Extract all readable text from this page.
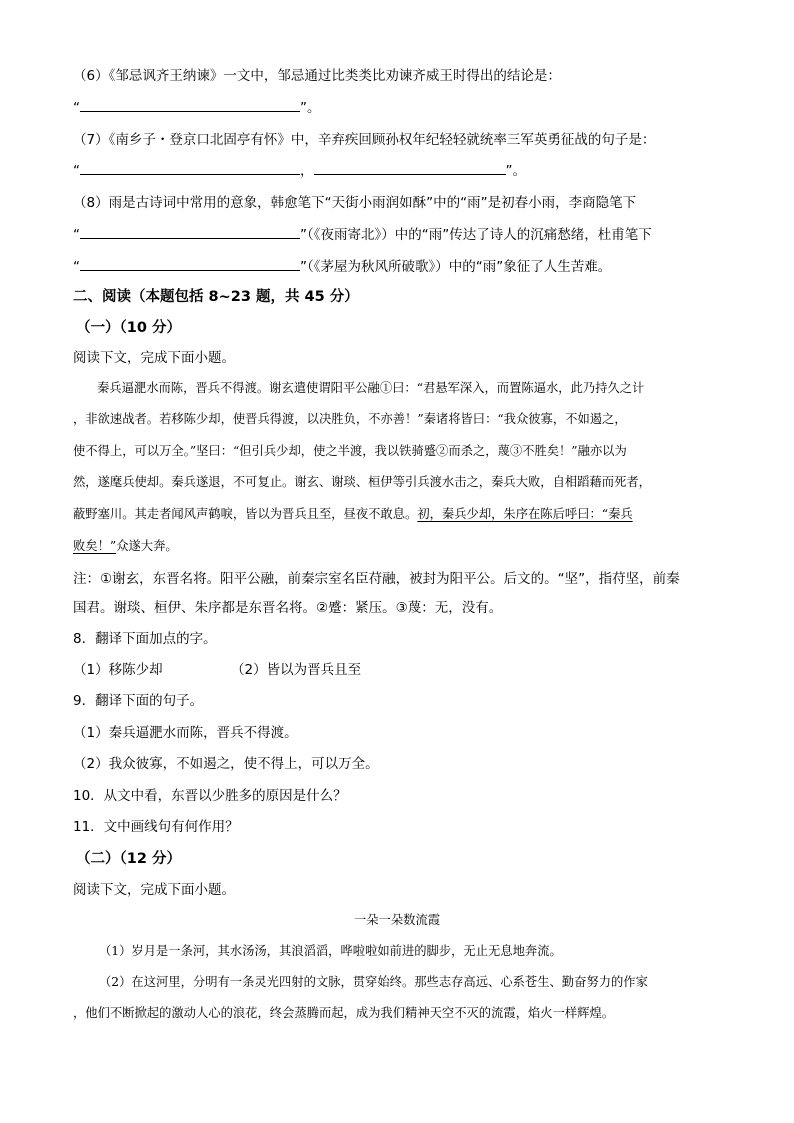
（6）《邹忌讽齐王纳谏》一文中，邹忌通过比类类比劝谏齐威王时得出的结论是：
“	”。
（7）《南乡子・登京口北固亭有怀》中，辛弃疾回顾孙权年纪轻轻就统率三军英勇征战的句子是：
“	，	”。
（8）雨是古诗词中常用的意象，韩愈笔下“天街小雨润如酥”中的“雨”是初春小雨，李商隐笔下
“	”（《夜雨寄北》）中的“雨”传达了诗人的沉痛愁绪，杜甫笔下
“	”（《茅屋为秋风所破歌》）中的“雨”象征了人生苦难。
二、阅读（本题包括 8~23 题，共 45 分）
（一）（10 分）
阅读下文，完成下面小题。
秦兵逼淝水而陈，晋兵不得渡。谢玄遣使谓阳平公融①曰：“君悬军深入，而置陈逼水，此乃持久之计
，非欲速战者。若移陈少却，使晋兵得渡，以决胜负，不亦善！”秦诸将皆曰：“我众彼寡，不如遏之，
使不得上，可以万全。”坚曰：“但引兵少却，使之半渡，我以铁骑蹙②而杀之，蔑③不胜矣！”融亦以为
然，遂麾兵使却。秦兵遂退，不可复止。谢玄、谢琰、桓伊等引兵渡水击之，秦兵大败，自相蹈藉而死者，
蔽野塞川。其走者闻风声鹤唳，皆以为晋兵且至，昼夜不敢息。初，秦兵少却，朱序在陈后呼曰：“秦兵
败矣！”众遂大奔。
注：①谢玄，东晋名将。阳平公融，前秦宗室名臣苻融，被封为阳平公。后文的。“坚”，指苻坚，前秦
国君。谢琰、桓伊、朱序都是东晋名将。②蹙：紧压。③蔑：无，没有。
8．翻译下面加点的字。
（1）移陈少却	（2）皆以为晋兵且至
9．翻译下面的句子。
（1）秦兵逼淝水而陈，晋兵不得渡。
（2）我众彼寡，不如遏之，使不得上，可以万全。
10．从文中看，东晋以少胜多的原因是什么？
11．文中画线句有何作用？
（二）（12 分）
阅读下文，完成下面小题。
一朵一朵数流霞
（1）岁月是一条河，其水汤汤，其浪滔滔，哗啦啦如前进的脚步，无止无息地奔流。
（2）在这河里，分明有一条灵光四射的文脉，贯穿始终。那些志存高远、心系苍生、勤奋努力的作家
，他们不断掀起的激动人心的浪花，终会蒸腾而起，成为我们精神天空不灭的流霞，焰火一样辉煌。
